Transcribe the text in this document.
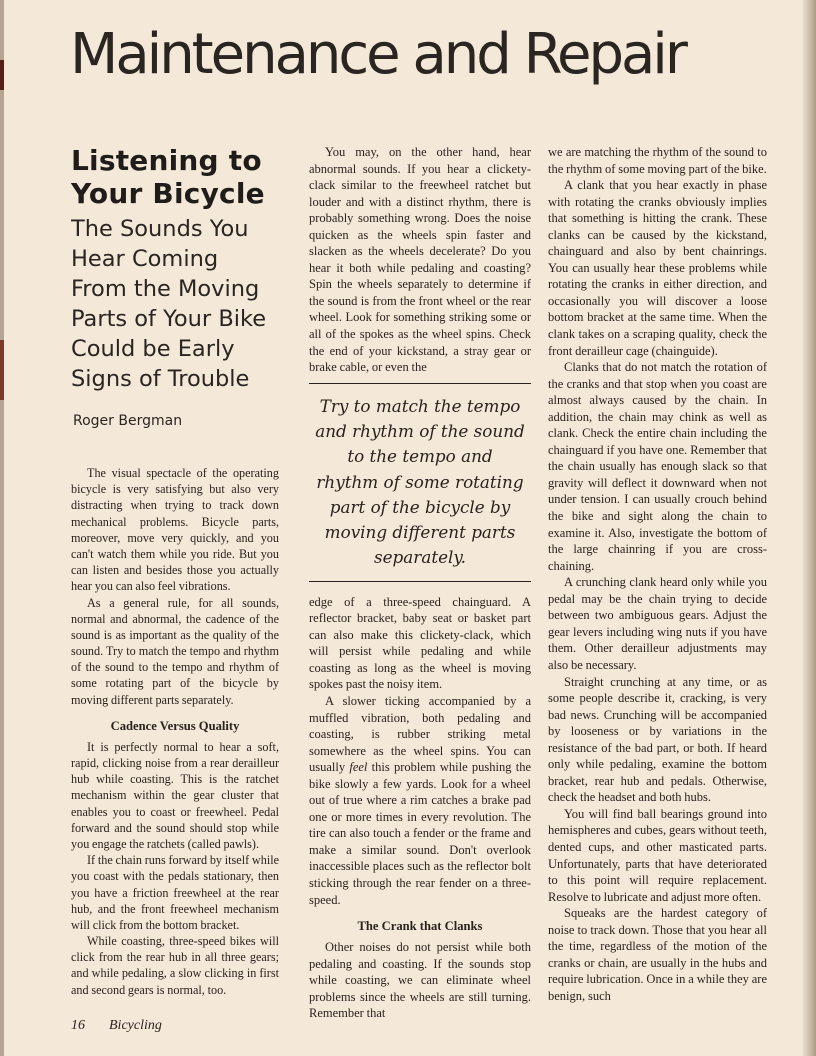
Maintenance and Repair
Listening to
Your Bicycle

The Sounds You Hear Coming From the Moving Parts of Your Bike Could be Early Signs of Trouble

Roger Bergman

The visual spectacle of the operating bicycle is very satisfying but also very distracting when trying to track down mechanical problems. Bicycle parts, moreover, move very quickly, and you can't watch them while you ride. But you can listen and besides those you actually hear you can also feel vibrations.

As a general rule, for all sounds, normal and abnormal, the cadence of the sound is as important as the quality of the sound. Try to match the tempo and rhythm of the sound to the tempo and rhythm of some rotating part of the bicycle by moving different parts separately.

Cadence Versus Quality

It is perfectly normal to hear a soft, rapid, clicking noise from a rear derailleur hub while coasting. This is the ratchet mechanism within the gear cluster that enables you to coast or freewheel. Pedal forward and the sound should stop while you engage the ratchets (called pawls).

If the chain runs forward by itself while you coast with the pedals stationary, then you have a friction freewheel at the rear hub, and the front freewheel mechanism will click from the bottom bracket.

While coasting, three-speed bikes will click from the rear hub in all three gears; and while pedaling, a slow clicking in first and second gears is normal, too.

You may, on the other hand, hear abnormal sounds. If you hear a clickety-clack similar to the freewheel ratchet but louder and with a distinct rhythm, there is probably something wrong. Does the noise quicken as the wheels spin faster and slacken as the wheels decelerate? Do you hear it both while pedaling and coasting? Spin the wheels separately to determine if the sound is from the front wheel or the rear wheel. Look for something striking some or all of the spokes as the wheel spins. Check the end of your kickstand, a stray gear or brake cable, or even the

Try to match the tempo and rhythm of the sound to the tempo and rhythm of some rotating part of the bicycle by moving different parts separately.

edge of a three-speed chainguard. A reflector bracket, baby seat or basket part can also make this clickety-clack, which will persist while pedaling and while coasting as long as the wheel is moving spokes past the noisy item.

A slower ticking accompanied by a muffled vibration, both pedaling and coasting, is rubber striking metal somewhere as the wheel spins. You can usually feel this problem while pushing the bike slowly a few yards. Look for a wheel out of true where a rim catches a brake pad one or more times in every revolution. The tire can also touch a fender or the frame and make a similar sound. Don't overlook inaccessible places such as the reflector bolt sticking through the rear fender on a three-speed.

The Crank that Clanks

Other noises do not persist while both pedaling and coasting. If the sounds stop while coasting, we can eliminate wheel problems since the wheels are still turning. Remember that

we are matching the rhythm of the sound to the rhythm of some moving part of the bike.

A clank that you hear exactly in phase with rotating the cranks obviously implies that something is hitting the crank. These clanks can be caused by the kickstand, chainguard and also by bent chainrings. You can usually hear these problems while rotating the cranks in either direction, and occasionally you will discover a loose bottom bracket at the same time. When the clank takes on a scraping quality, check the front derailleur cage (chainguide).

Clanks that do not match the rotation of the cranks and that stop when you coast are almost always caused by the chain. In addition, the chain may chink as well as clank. Check the entire chain including the chainguard if you have one. Remember that the chain usually has enough slack so that gravity will deflect it downward when not under tension. I can usually crouch behind the bike and sight along the chain to examine it. Also, investigate the bottom of the large chainring if you are cross-chaining.

A crunching clank heard only while you pedal may be the chain trying to decide between two ambiguous gears. Adjust the gear levers including wing nuts if you have them. Other derailleur adjustments may also be necessary.

Straight crunching at any time, or as some people describe it, cracking, is very bad news. Crunching will be accompanied by looseness or by variations in the resistance of the bad part, or both. If heard only while pedaling, examine the bottom bracket, rear hub and pedals. Otherwise, check the headset and both hubs.

You will find ball bearings ground into hemispheres and cubes, gears without teeth, dented cups, and other masticated parts. Unfortunately, parts that have deteriorated to this point will require replacement. Resolve to lubricate and adjust more often.

Squeaks are the hardest category of noise to track down. Those that you hear all the time, regardless of the motion of the cranks or chain, are usually in the hubs and require lubrication. Once in a while they are benign, such

16 Bicycling
